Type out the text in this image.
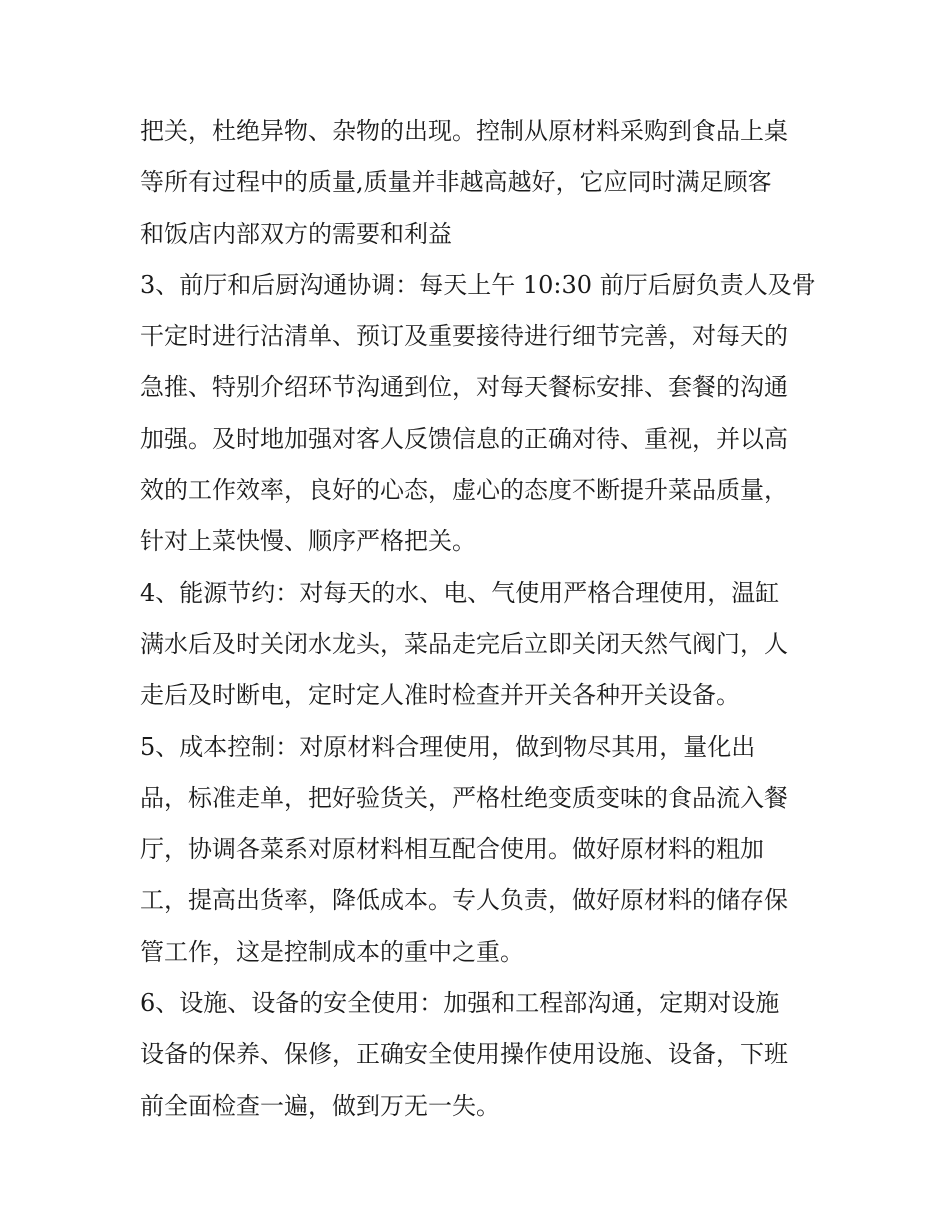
把关，杜绝异物、杂物的出现。控制从原材料采购到食品上桌
等所有过程中的质量,质量并非越高越好，它应同时满足顾客
和饭店内部双方的需要和利益
3、前厅和后厨沟通协调：每天上午 10:30 前厅后厨负责人及骨
干定时进行沽清单、预订及重要接待进行细节完善，对每天的
急推、特别介绍环节沟通到位，对每天餐标安排、套餐的沟通
加强。及时地加强对客人反馈信息的正确对待、重视，并以高
效的工作效率，良好的心态，虚心的态度不断提升菜品质量，
针对上菜快慢、顺序严格把关。
4、能源节约：对每天的水、电、气使用严格合理使用，温缸
满水后及时关闭水龙头，菜品走完后立即关闭天然气阀门，人
走后及时断电，定时定人准时检查并开关各种开关设备。
5、成本控制：对原材料合理使用，做到物尽其用，量化出
品，标准走单，把好验货关，严格杜绝变质变味的食品流入餐
厅，协调各菜系对原材料相互配合使用。做好原材料的粗加
工，提高出货率，降低成本。专人负责，做好原材料的储存保
管工作，这是控制成本的重中之重。
6、设施、设备的安全使用：加强和工程部沟通，定期对设施
设备的保养、保修，正确安全使用操作使用设施、设备，下班
前全面检查一遍，做到万无一失。
